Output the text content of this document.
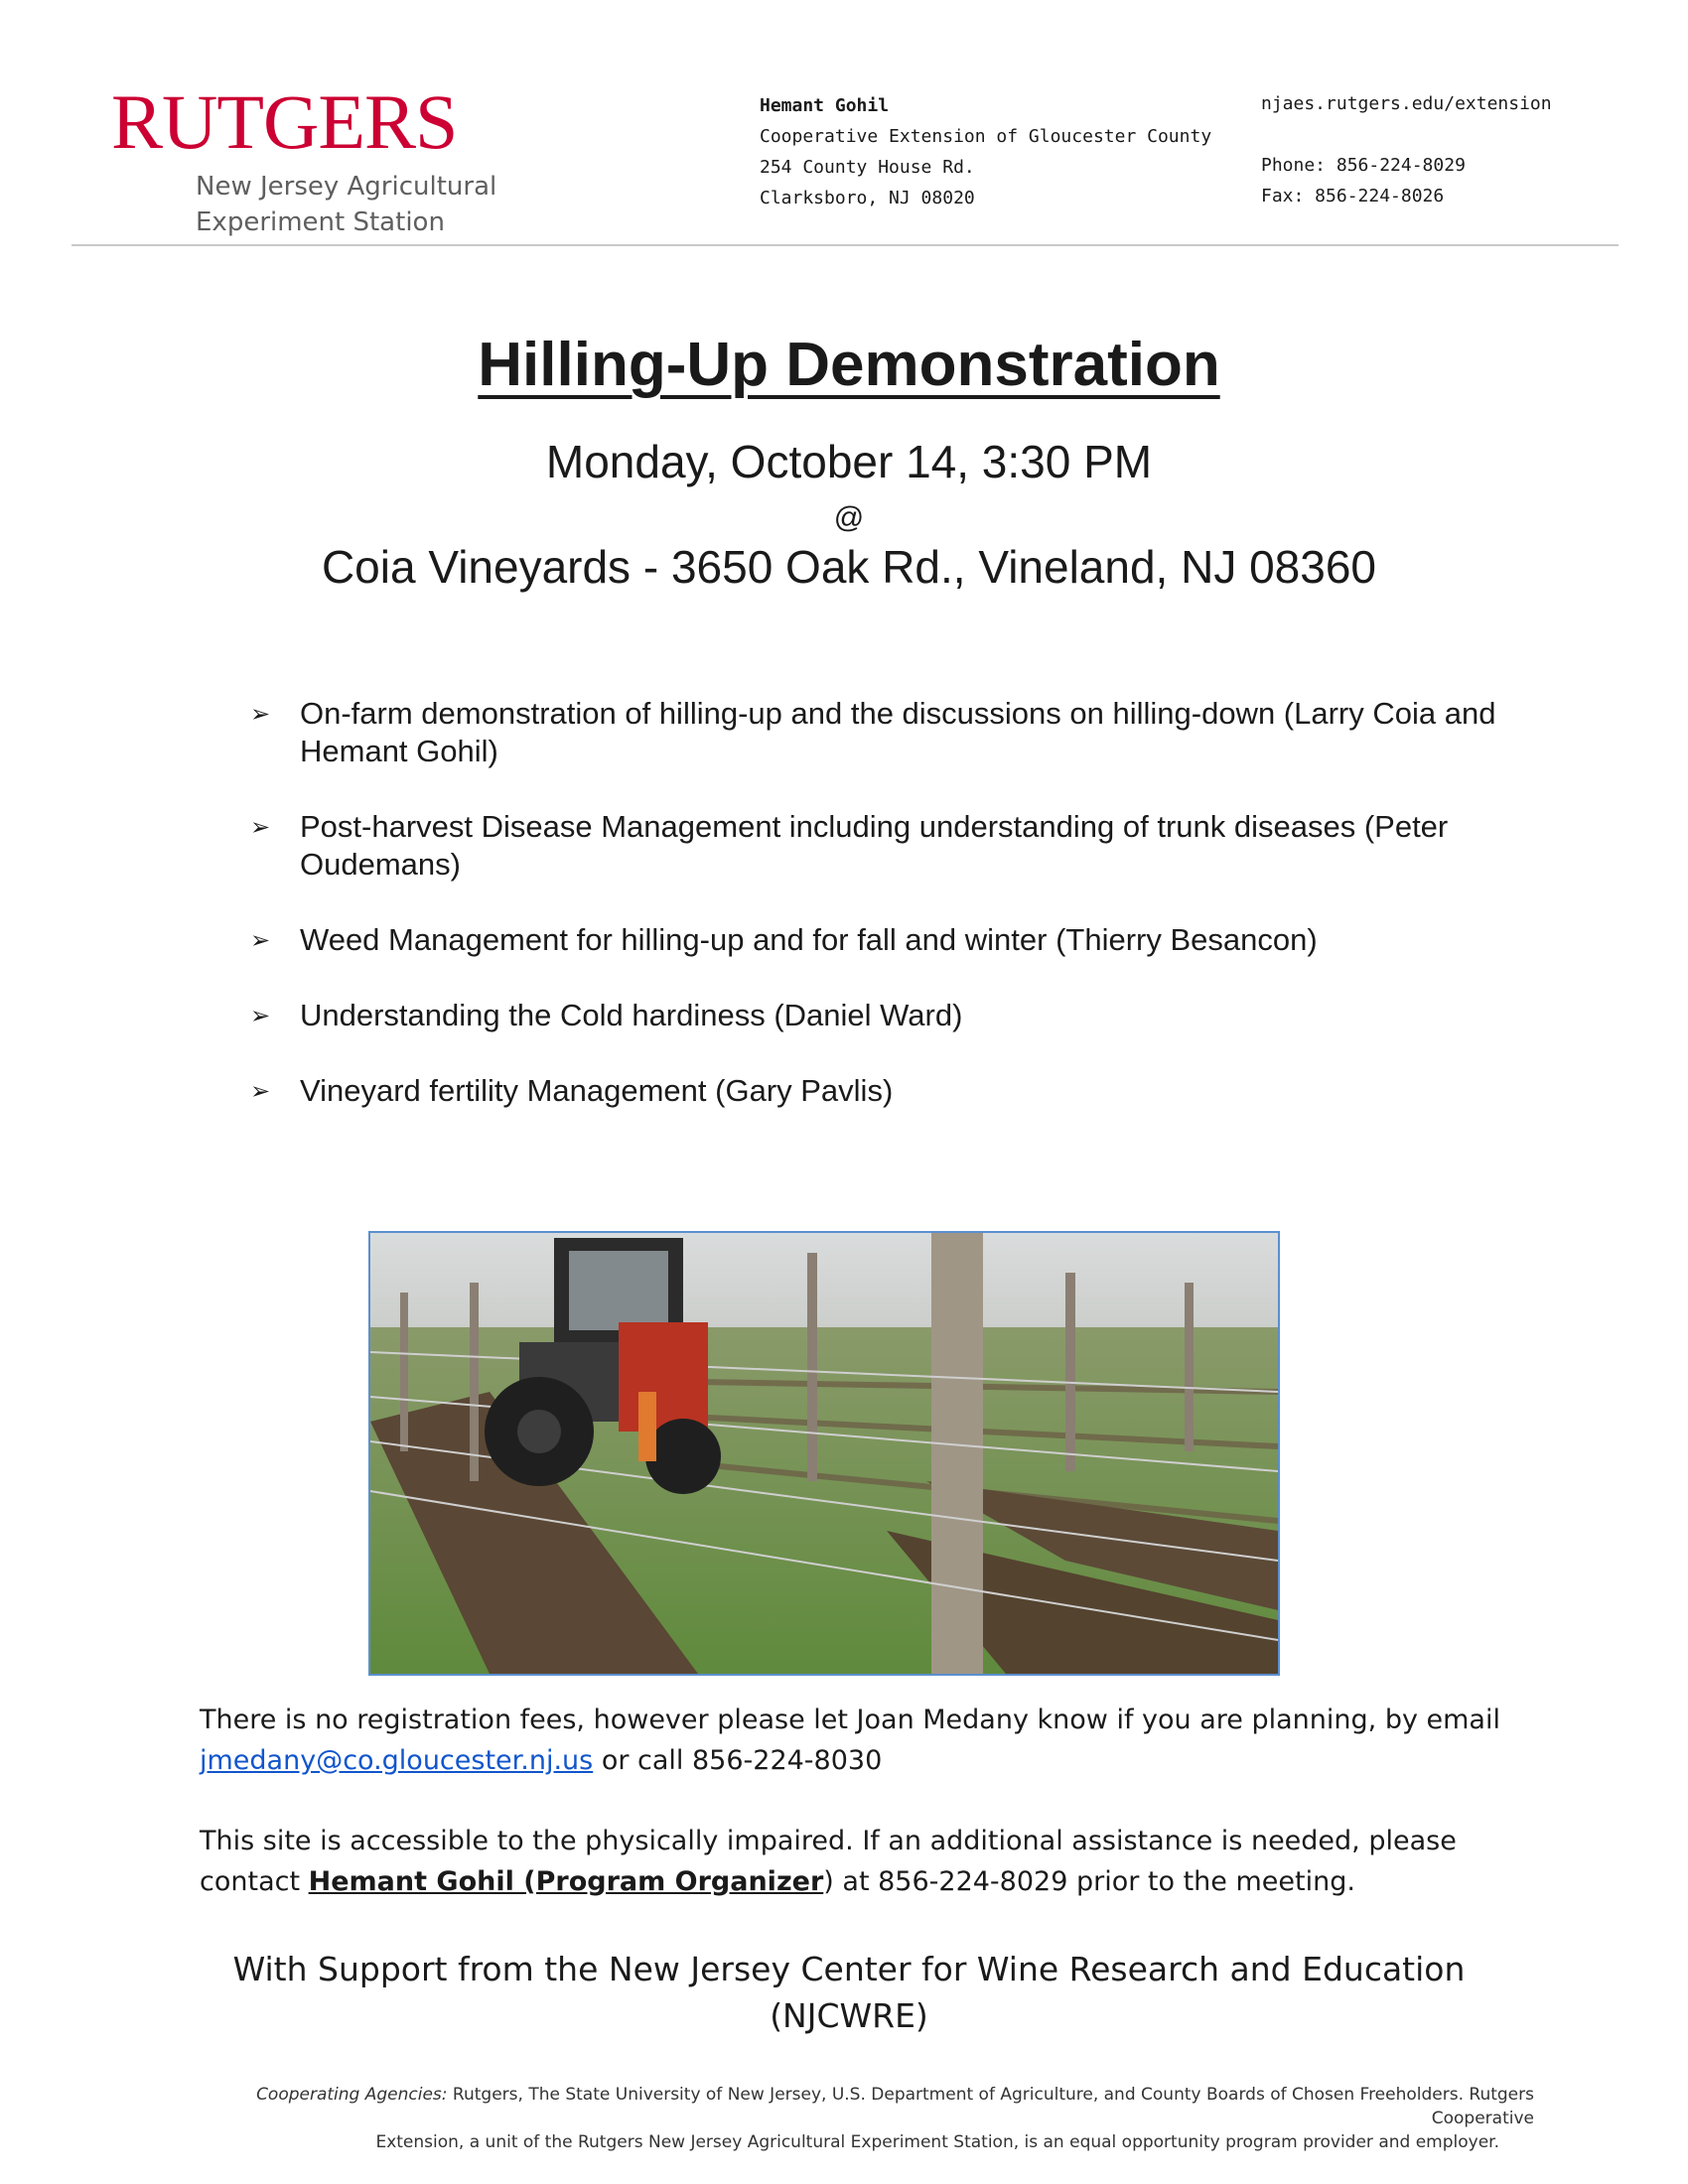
RUTGERS
New Jersey Agricultural
Experiment Station
Hemant Gohil
Cooperative Extension of Gloucester County
254 County House Rd.
Clarksboro, NJ 08020
njaes.rutgers.edu/extension
Phone: 856-224-8029
Fax: 856-224-8026
Hilling-Up Demonstration
Monday, October 14, 3:30 PM
@
Coia Vineyards - 3650 Oak Rd., Vineland, NJ 08360
➢ On-farm demonstration of hilling-up and the discussions on hilling-down (Larry Coia and Hemant Gohil)
➢ Post-harvest Disease Management including understanding of trunk diseases (Peter Oudemans)
➢ Weed Management for hilling-up and for fall and winter (Thierry Besancon)
➢ Understanding the Cold hardiness (Daniel Ward)
➢ Vineyard fertility Management (Gary Pavlis)
There is no registration fees, however please let Joan Medany know if you are planning, by email jmedany@co.gloucester.nj.us or call 856-224-8030
This site is accessible to the physically impaired. If an additional assistance is needed, please contact Hemant Gohil (Program Organizer) at 856-224-8029 prior to the meeting.
With Support from the New Jersey Center for Wine Research and Education
(NJCWRE)
Cooperating Agencies: Rutgers, The State University of New Jersey, U.S. Department of Agriculture, and County Boards of Chosen Freeholders. Rutgers Cooperative
Extension, a unit of the Rutgers New Jersey Agricultural Experiment Station, is an equal opportunity program provider and employer.
